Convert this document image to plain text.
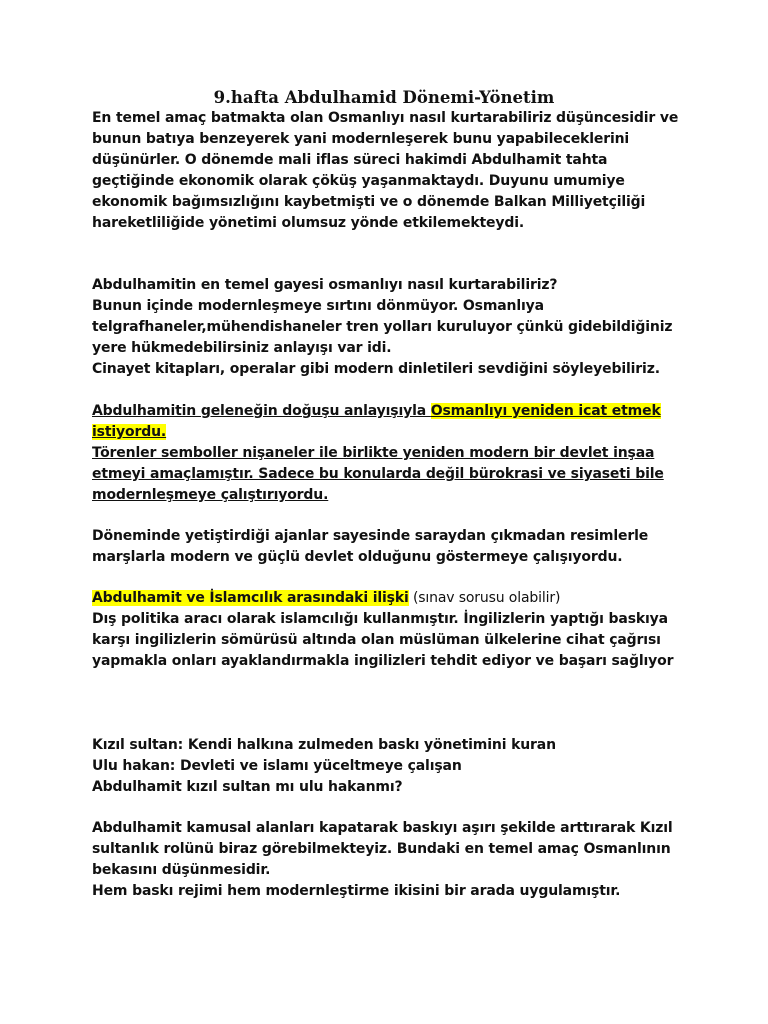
9.hafta Abdulhamid Dönemi-Yönetim
En temel amaç batmakta olan Osmanlıyı nasıl kurtarabiliriz düşüncesidir ve
bunun batıya benzeyerek yani modernleşerek bunu yapabileceklerini
düşünürler. O dönemde mali iflas süreci hakimdi Abdulhamit tahta
geçtiğinde ekonomik olarak çöküş yaşanmaktaydı. Duyunu umumiye
ekonomik bağımsızlığını kaybetmişti ve o dönemde Balkan Milliyetçiliği
hareketliliğide yönetimi olumsuz yönde etkilemekteydi.
Abdulhamitin en temel gayesi osmanlıyı nasıl kurtarabiliriz?
Bunun içinde modernleşmeye sırtını dönmüyor. Osmanlıya
telgrafhaneler,mühendishaneler tren yolları kuruluyor çünkü gidebildiğiniz
yere hükmedebilirsiniz anlayışı var idi.
Cinayet kitapları, operalar gibi modern dinletileri sevdiğini söyleyebiliriz.
Abdulhamitin geleneğin doğuşu anlayışıyla Osmanlıyı yeniden icat etmek
istiyordu.
Törenler semboller nişaneler ile birlikte yeniden modern bir devlet inşaa
etmeyi amaçlamıştır. Sadece bu konularda değil bürokrasi ve siyaseti bile
modernleşmeye çalıştırıyordu.
Döneminde yetiştirdiği ajanlar sayesinde saraydan çıkmadan resimlerle
marşlarla modern ve güçlü devlet olduğunu göstermeye çalışıyordu.
Abdulhamit ve İslamcılık arasındaki ilişki (sınav sorusu olabilir)
Dış politika aracı olarak islamcılığı kullanmıştır. İngilizlerin yaptığı baskıya
karşı ingilizlerin sömürüsü altında olan müslüman ülkelerine cihat çağrısı
yapmakla onları ayaklandırmakla ingilizleri tehdit ediyor ve başarı sağlıyor
Kızıl sultan: Kendi halkına zulmeden baskı yönetimini kuran
Ulu hakan: Devleti ve islamı yüceltmeye çalışan
Abdulhamit kızıl sultan mı ulu hakanmı?
Abdulhamit kamusal alanları kapatarak baskıyı aşırı şekilde arttırarak Kızıl
sultanlık rolünü biraz görebilmekteyiz. Bundaki en temel amaç Osmanlının
bekasını düşünmesidir.
Hem baskı rejimi hem modernleştirme ikisini bir arada uygulamıştır.
